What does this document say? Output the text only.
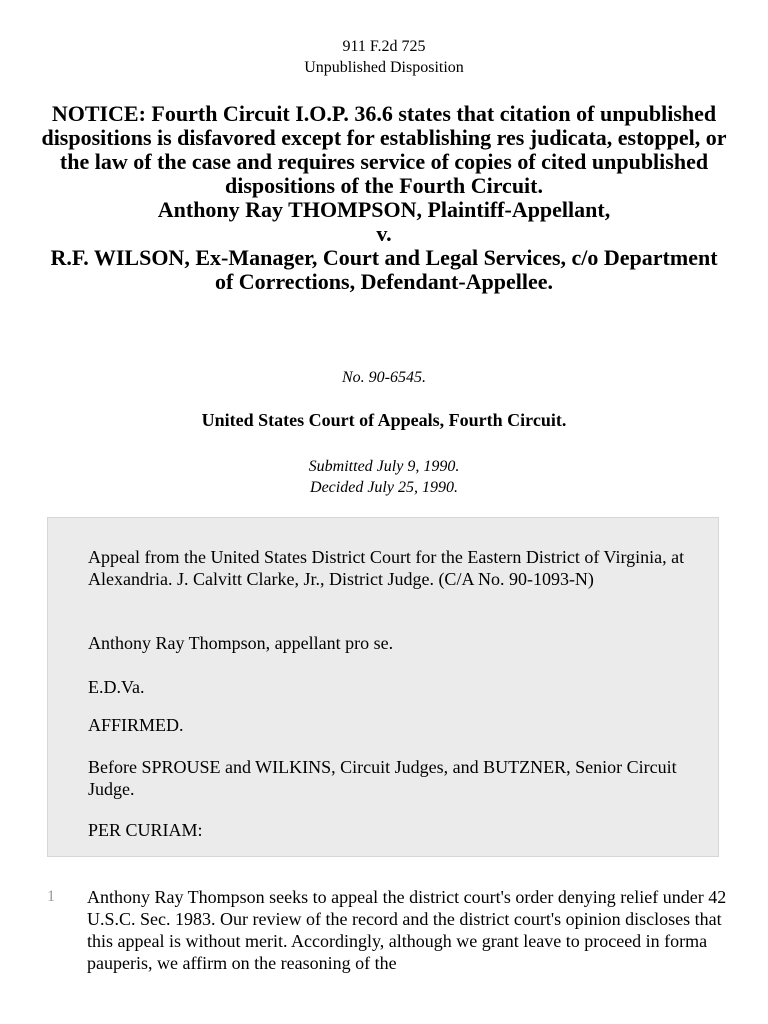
911 F.2d 725
Unpublished Disposition
NOTICE: Fourth Circuit I.O.P. 36.6 states that citation of unpublished dispositions is disfavored except for establishing res judicata, estoppel, or the law of the case and requires service of copies of cited unpublished dispositions of the Fourth Circuit.
Anthony Ray THOMPSON, Plaintiff-Appellant,
v.
R.F. WILSON, Ex-Manager, Court and Legal Services, c/o Department of Corrections, Defendant-Appellee.
No. 90-6545.
United States Court of Appeals, Fourth Circuit.
Submitted July 9, 1990.
Decided July 25, 1990.

Appeal from the United States District Court for the Eastern District of Virginia, at Alexandria. J. Calvitt Clarke, Jr., District Judge. (C/A No. 90-1093-N)

Anthony Ray Thompson, appellant pro se.

E.D.Va.

AFFIRMED.

Before SPROUSE and WILKINS, Circuit Judges, and BUTZNER, Senior Circuit Judge.

PER CURIAM:

1 Anthony Ray Thompson seeks to appeal the district court's order denying relief under 42 U.S.C. Sec. 1983. Our review of the record and the district court's opinion discloses that this appeal is without merit. Accordingly, although we grant leave to proceed in forma pauperis, we affirm on the reasoning of the
